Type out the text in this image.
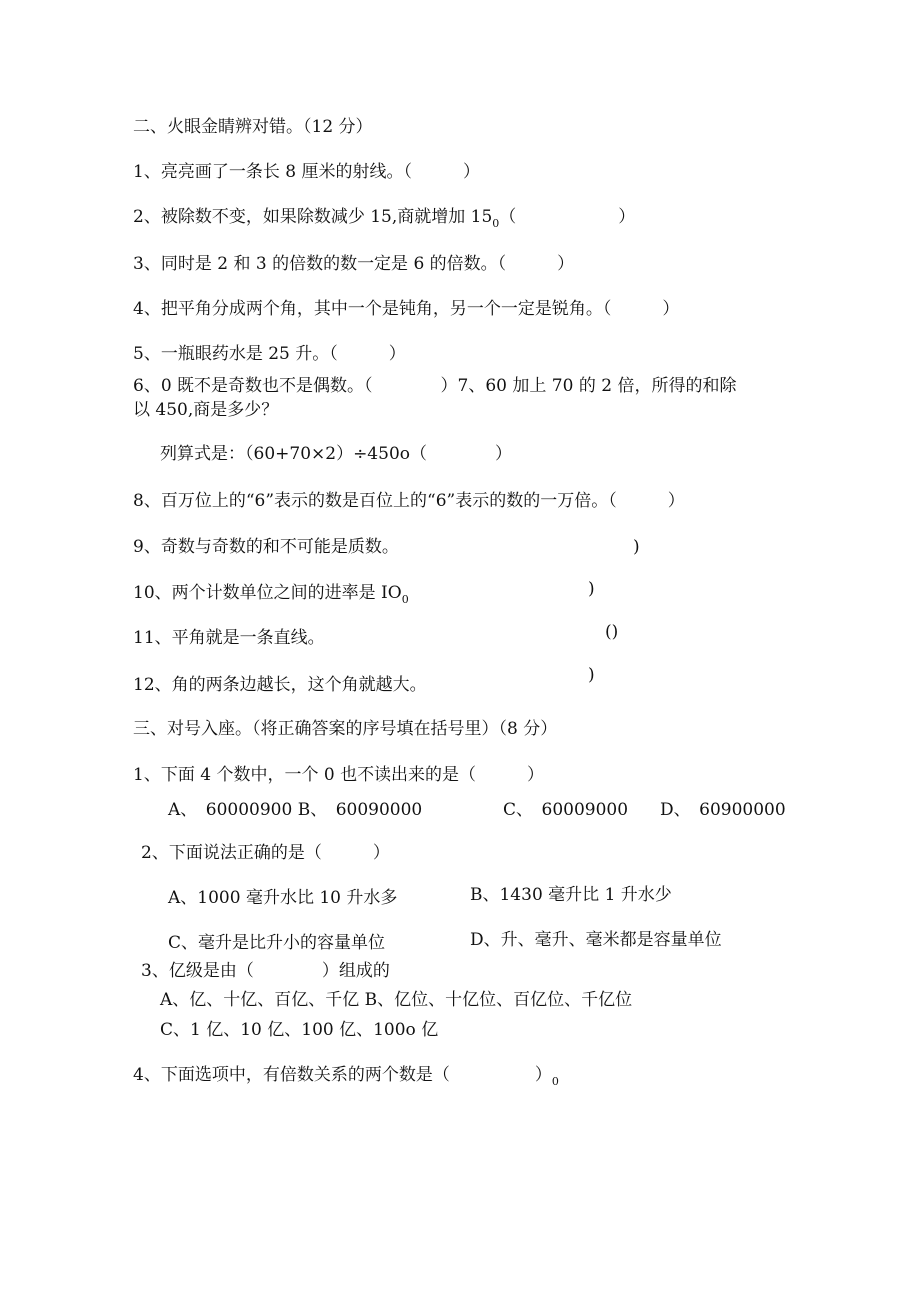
二、火眼金睛辨对错。（12 分）
1、亮亮画了一条长 8 厘米的射线。（　　　）
2、被除数不变，如果除数减少 15,商就增加 $15_0$（　　　　　　）
3、同时是 2 和 3 的倍数的数一定是 6 的倍数。（　　　）
4、把平角分成两个角，其中一个是钝角，另一个一定是锐角。（　　　）
5、一瓶眼药水是 25 升。（　　　）
6、0 既不是奇数也不是偶数。（　　　　）7、60 加上 70 的 2 倍，所得的和除
以 450,商是多少？
列算式是：（60+70×2）÷450o（　　　　）
8、百万位上的“6”表示的数是百位上的“6”表示的数的一万倍。（　　　）
9、奇数与奇数的和不可能是质数。	)
10、两个计数单位之间的进率是 $IO_0$
)
11、平角就是一条直线。	()
12、角的两条边越长，这个角就越大。	)
三、对号入座。（将正确答案的序号填在括号里）（8 分）
1、下面 4 个数中，一个 0 也不读出来的是（　　　）
A、　60000900 B、　60090000	C、　60009000 D、　60900000
2、下面说法正确的是（　　　）
A、1000 毫升水比 10 升水多	B、1430 毫升比 1 升水少
C、毫升是比升小的容量单位	D、升、毫升、毫米都是容量单位
3、亿级是由（　　　　）组成的
A、亿、十亿、百亿、千亿 B、亿位、十亿位、百亿位、千亿位
C、1 亿、10 亿、100 亿、100o 亿
4、下面选项中，有倍数关系的两个数是（　　　　　）$_0$
